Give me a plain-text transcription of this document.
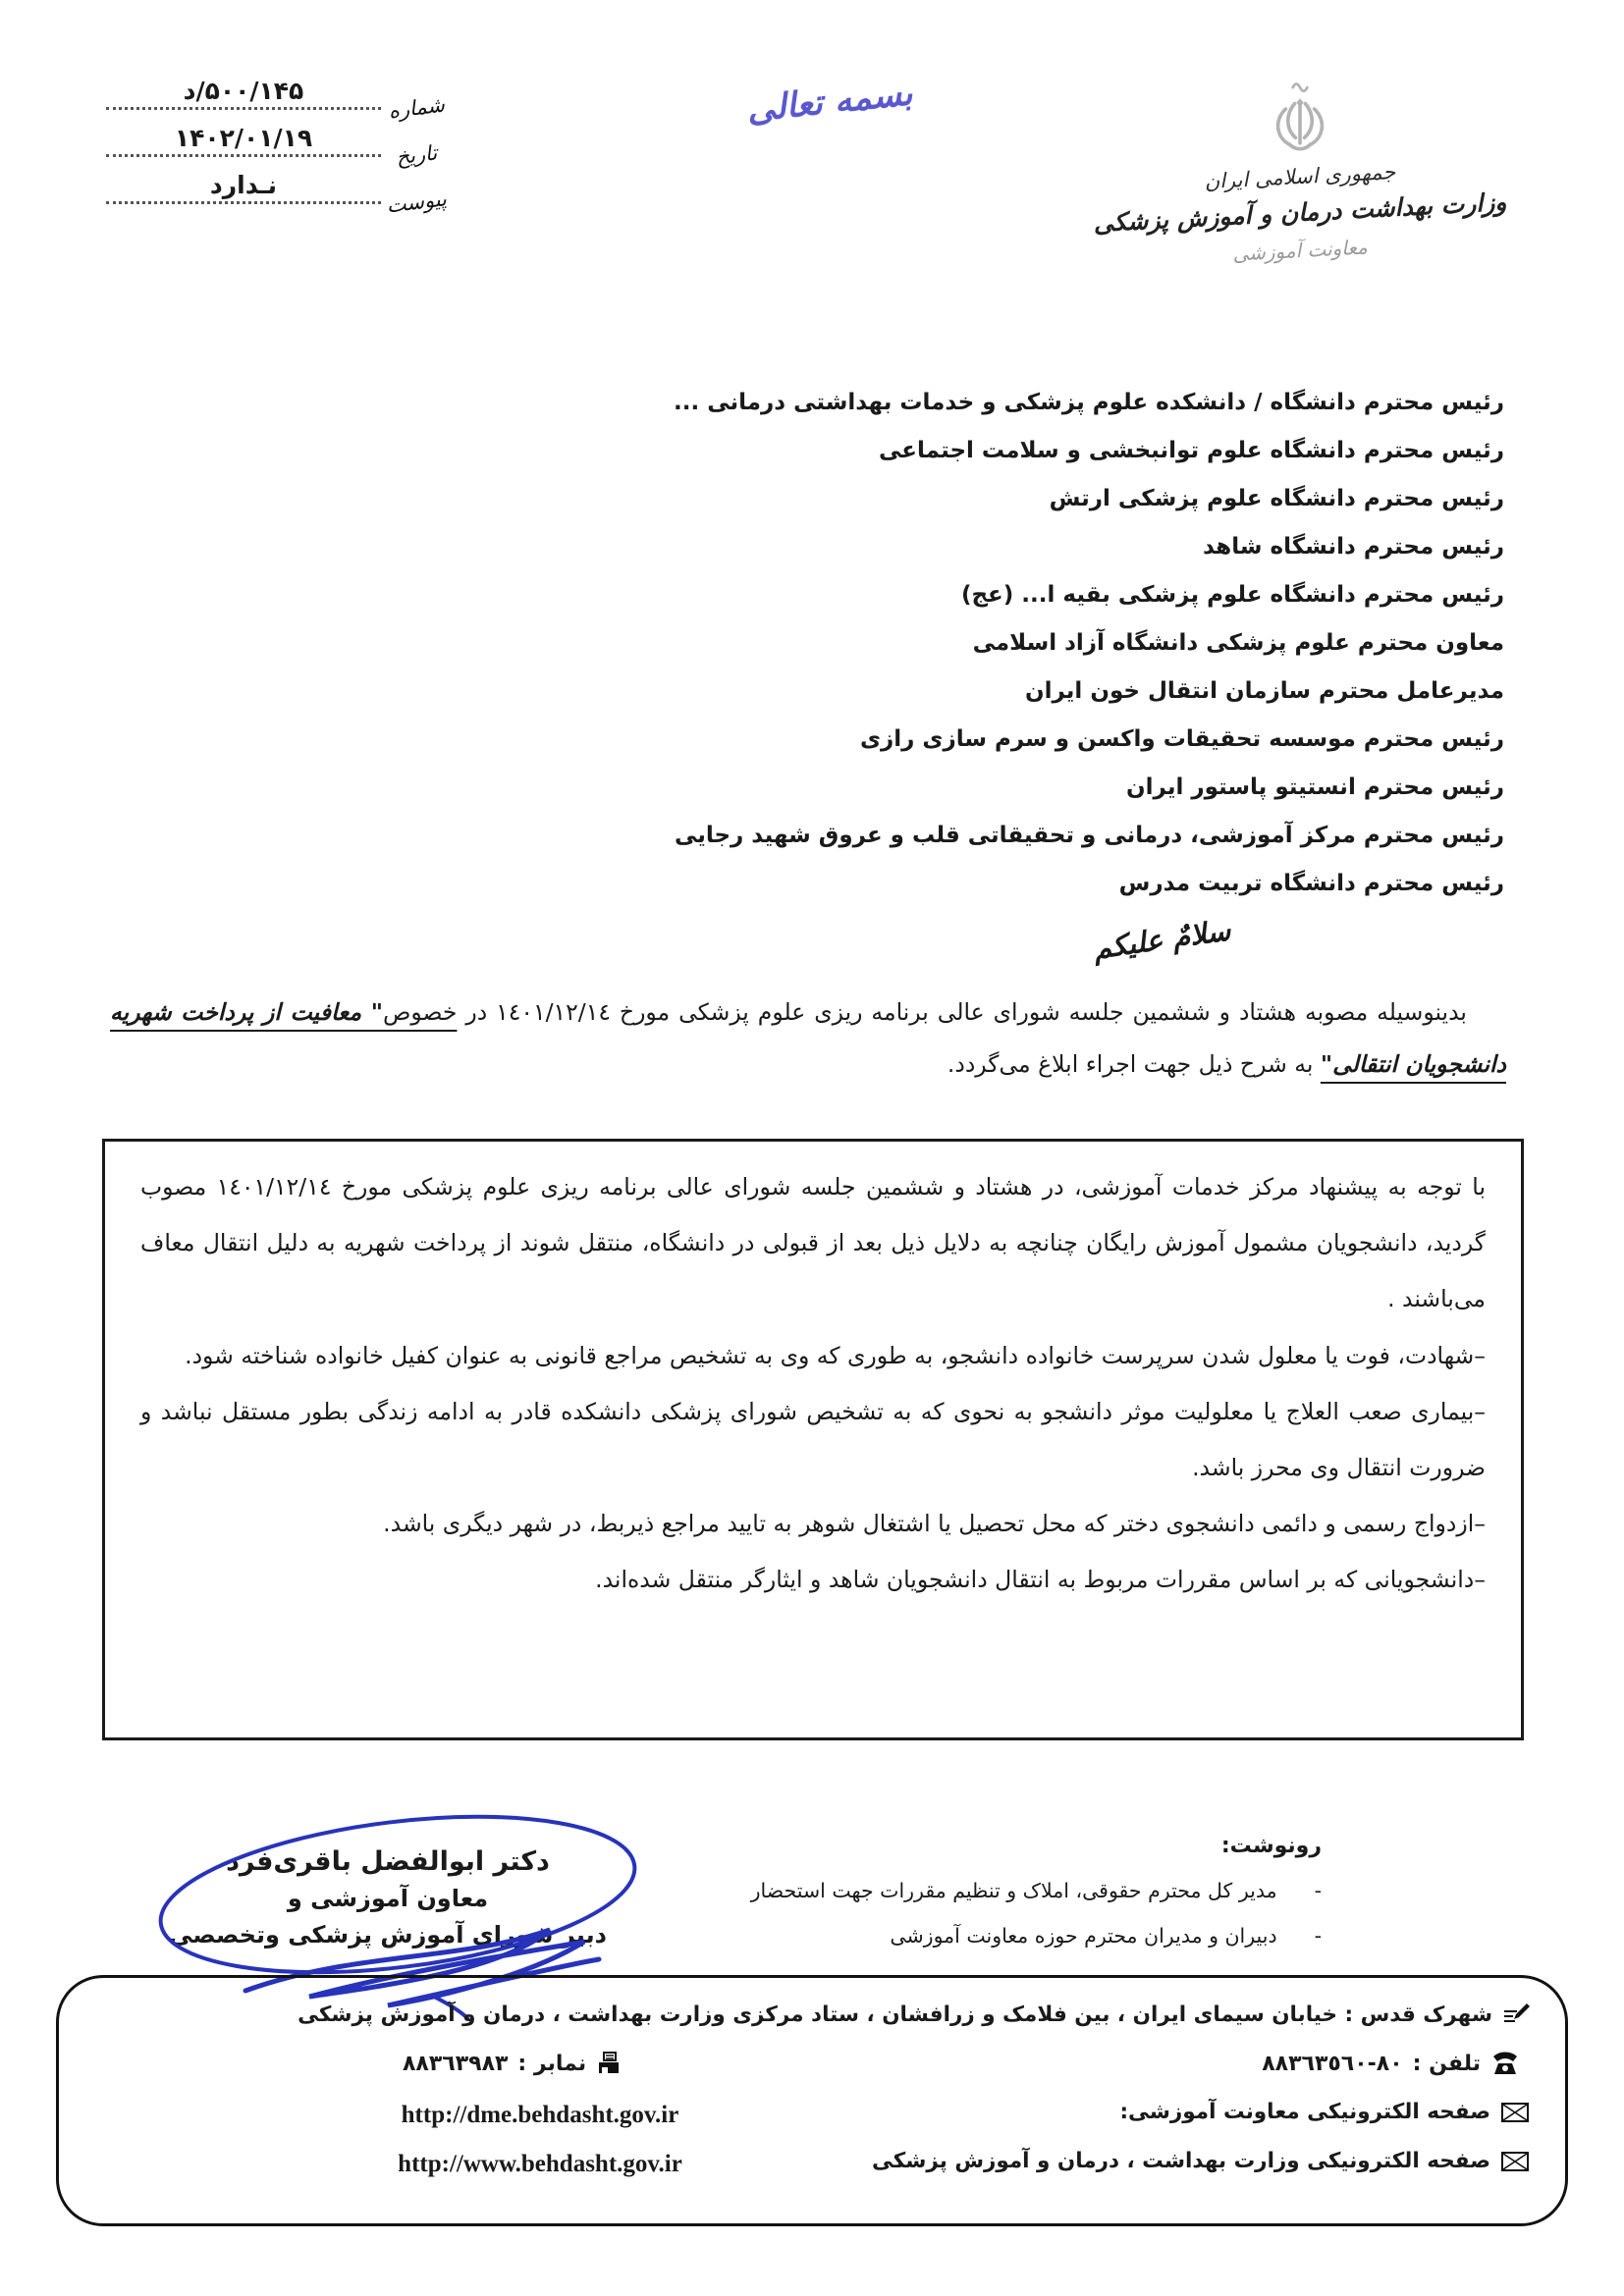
شماره
د/۵۰۰/۱۴۵
تاریخ
۱۴۰۲/۰۱/۱۹
پیوست
نـدارد
بسمه تعالی
جمهوری اسلامی ایران
وزارت بهداشت درمان و آموزش پزشکی
معاونت آموزشی
رئیس محترم دانشگاه / دانشکده علوم پزشکی و خدمات بهداشتی درمانی ...
رئیس محترم دانشگاه علوم توانبخشی و سلامت اجتماعی
رئیس محترم دانشگاه علوم پزشکی ارتش
رئیس محترم دانشگاه شاهد
رئیس محترم دانشگاه علوم پزشکی بقیه ا... (عج)
معاون محترم علوم پزشکی دانشگاه آزاد اسلامی
مدیرعامل محترم سازمان انتقال خون ایران
رئیس محترم موسسه تحقیقات واکسن و سرم سازی رازی
رئیس محترم انستیتو پاستور ایران
رئیس محترم مرکز آموزشی، درمانی و تحقیقاتی قلب و عروق شهید رجایی
رئیس محترم دانشگاه تربیت مدرس
سلامٌ علیکم
بدینوسیله مصوبه هشتاد و ششمین جلسه شورای عالی برنامه ریزی علوم پزشکی مورخ ١٤٠١/١٢/١٤ در خصوص" معافیت از پرداخت شهریه دانشجویان انتقالی" به شرح ذیل جهت اجراء ابلاغ می‌گردد.

با توجه به پیشنهاد مرکز خدمات آموزشی، در هشتاد و ششمین جلسه شورای عالی برنامه ریزی علوم پزشکی مورخ ١٤٠١/١٢/١٤ مصوب گردید، دانشجویان مشمول آموزش رایگان چنانچه به دلایل ذیل بعد از قبولی در دانشگاه، منتقل شوند از پرداخت شهریه به دلیل انتقال معاف می‌باشند .

–شهادت، فوت یا معلول شدن سرپرست خانواده دانشجو، به طوری که وی به تشخیص مراجع قانونی به عنوان کفیل خانواده شناخته شود.

–بیماری صعب العلاج یا معلولیت موثر دانشجو به نحوی که به تشخیص شورای پزشکی دانشکده قادر به ادامه زندگی بطور مستقل نباشد و ضرورت انتقال وی محرز باشد.

–ازدواج رسمی و دائمی دانشجوی دختر که محل تحصیل یا اشتغال شوهر به تایید مراجع ذیربط، در شهر دیگری باشد.

–دانشجویانی که بر اساس مقررات مربوط به انتقال دانشجویان شاهد و ایثارگر منتقل شده‌اند.

دکتر ابوالفضل باقری‌فرد
معاون آموزشی و
دبیر شورای آموزش پزشکی وتخصصی
رونوشت:
-
مدیر کل محترم حقوقی، املاک و تنظیم مقررات جهت استحضار
-
دبیران و مدیران محترم حوزه معاونت آموزشی
شهرک قدس : خیابان سیمای ایران ، بین فلامک و زرافشان ، ستاد مرکزی وزارت بهداشت ، درمان و آموزش پزشکی
تلفن :
٨٨٣٦٣٥٦٠-٨٠
نمابر :
٨٨٣٦٣٩٨٣
صفحه الکترونیکی معاونت آموزشی:
http://dme.behdasht.gov.ir
صفحه الکترونیکی وزارت بهداشت ، درمان و آموزش پزشکی
http://www.behdasht.gov.ir
